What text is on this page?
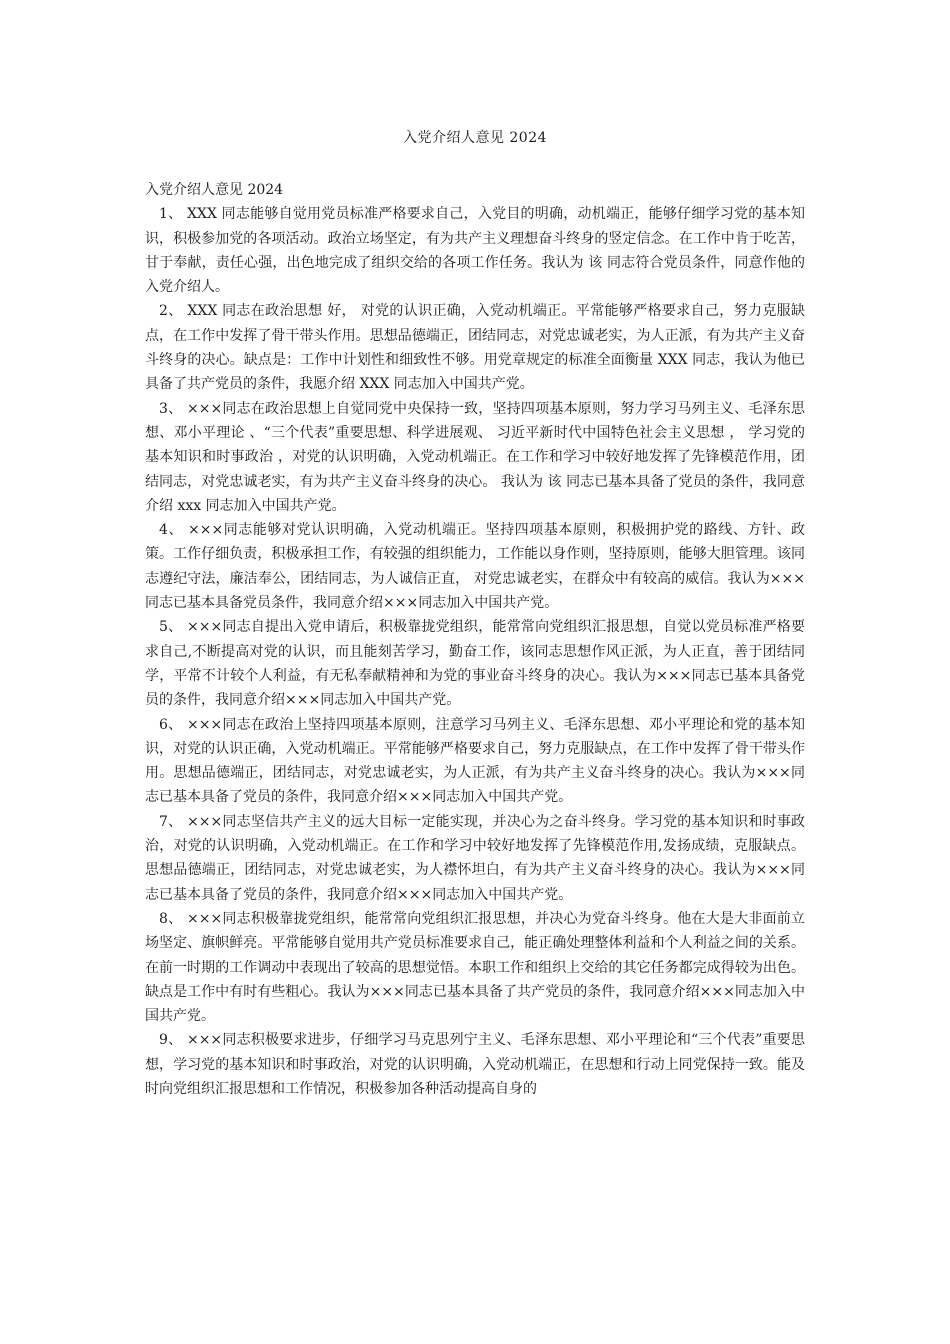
入党介绍人意见 2024

入党介绍人意见 2024

1、 XXX 同志能够自觉用党员标准严格要求自己，入党目的明确，动机端正，能够仔细学习党的基本知识，积极参加党的各项活动。政治立场坚定，有为共产主义理想奋斗终身的竖定信念。在工作中肯于吃苦，甘于奉献，责任心强，出色地完成了组织交给的各项工作任务。我认为 该 同志符合党员条件，同意作他的入党介绍人。

2、 XXX 同志在政治思想 好， 对党的认识正确，入党动机端正。平常能够严格要求自己，努力克服缺点，在工作中发挥了骨干带头作用。思想品德端正，团结同志，对党忠诚老实，为人正派，有为共产主义奋斗终身的决心。缺点是：工作中计划性和细致性不够。用党章规定的标准全面衡量 XXX 同志，我认为他已具备了共产党员的条件，我愿介绍 XXX 同志加入中国共产党。

3、 ×××同志在政治思想上自觉同党中央保持一致，坚持四项基本原则，努力学习马列主义、毛泽东思想、邓小平理论 、“三个代表”重要思想、科学进展观、 习近平新时代中国特色社会主义思想 ， 学习党的基本知识和时事政治 ，对党的认识明确，入党动机端正。在工作和学习中较好地发挥了先锋模范作用，团结同志，对党忠诚老实，有为共产主义奋斗终身的决心。 我认为 该 同志已基本具备了党员的条件，我同意介绍 xxx 同志加入中国共产党。

4、 ×××同志能够对党认识明确，入党动机端正。坚持四项基本原则，积极拥护党的路线、方针、政策。工作仔细负责，积极承担工作，有较强的组织能力，工作能以身作则，坚持原则，能够大胆管理。该同志遵纪守法，廉洁奉公，团结同志，为人诚信正直， 对党忠诚老实，在群众中有较高的威信。我认为×××同志已基本具备党员条件，我同意介绍×××同志加入中国共产党。

5、 ×××同志自提出入党申请后，积极靠拢党组织，能常常向党组织汇报思想，自觉以党员标准严格要求自己,不断提高对党的认识，而且能刻苦学习，勤奋工作，该同志思想作风正派，为人正直，善于团结同学，平常不计较个人利益，有无私奉献精神和为党的事业奋斗终身的决心。我认为×××同志已基本具备党员的条件，我同意介绍×××同志加入中国共产党。

6、 ×××同志在政治上坚持四项基本原则，注意学习马列主义、毛泽东思想、邓小平理论和党的基本知识，对党的认识正确，入党动机端正。平常能够严格要求自己，努力克服缺点，在工作中发挥了骨干带头作用。思想品德端正，团结同志，对党忠诚老实，为人正派，有为共产主义奋斗终身的决心。我认为×××同志已基本具备了党员的条件，我同意介绍×××同志加入中国共产党。

7、 ×××同志坚信共产主义的远大目标一定能实现，并决心为之奋斗终身。学习党的基本知识和时事政治，对党的认识明确，入党动机端正。在工作和学习中较好地发挥了先锋模范作用,发扬成绩，克服缺点。思想品德端正，团结同志，对党忠诚老实，为人襟怀坦白，有为共产主义奋斗终身的决心。我认为×××同志已基本具备了党员的条件，我同意介绍×××同志加入中国共产党。

8、 ×××同志积极靠拢党组织，能常常向党组织汇报思想，并决心为党奋斗终身。他在大是大非面前立场坚定、旗帜鲜亮。平常能够自觉用共产党员标准要求自己，能正确处理整体利益和个人利益之间的关系。在前一时期的工作调动中表现出了较高的思想觉悟。本职工作和组织上交给的其它任务都完成得较为出色。缺点是工作中有时有些粗心。我认为×××同志已基本具备了共产党员的条件，我同意介绍×××同志加入中国共产党。

9、 ×××同志积极要求进步，仔细学习马克思列宁主义、毛泽东思想、邓小平理论和“三个代表”重要思想，学习党的基本知识和时事政治，对党的认识明确，入党动机端正，在思想和行动上同党保持一致。能及时向党组织汇报思想和工作情况，积极参加各种活动提高自身的
